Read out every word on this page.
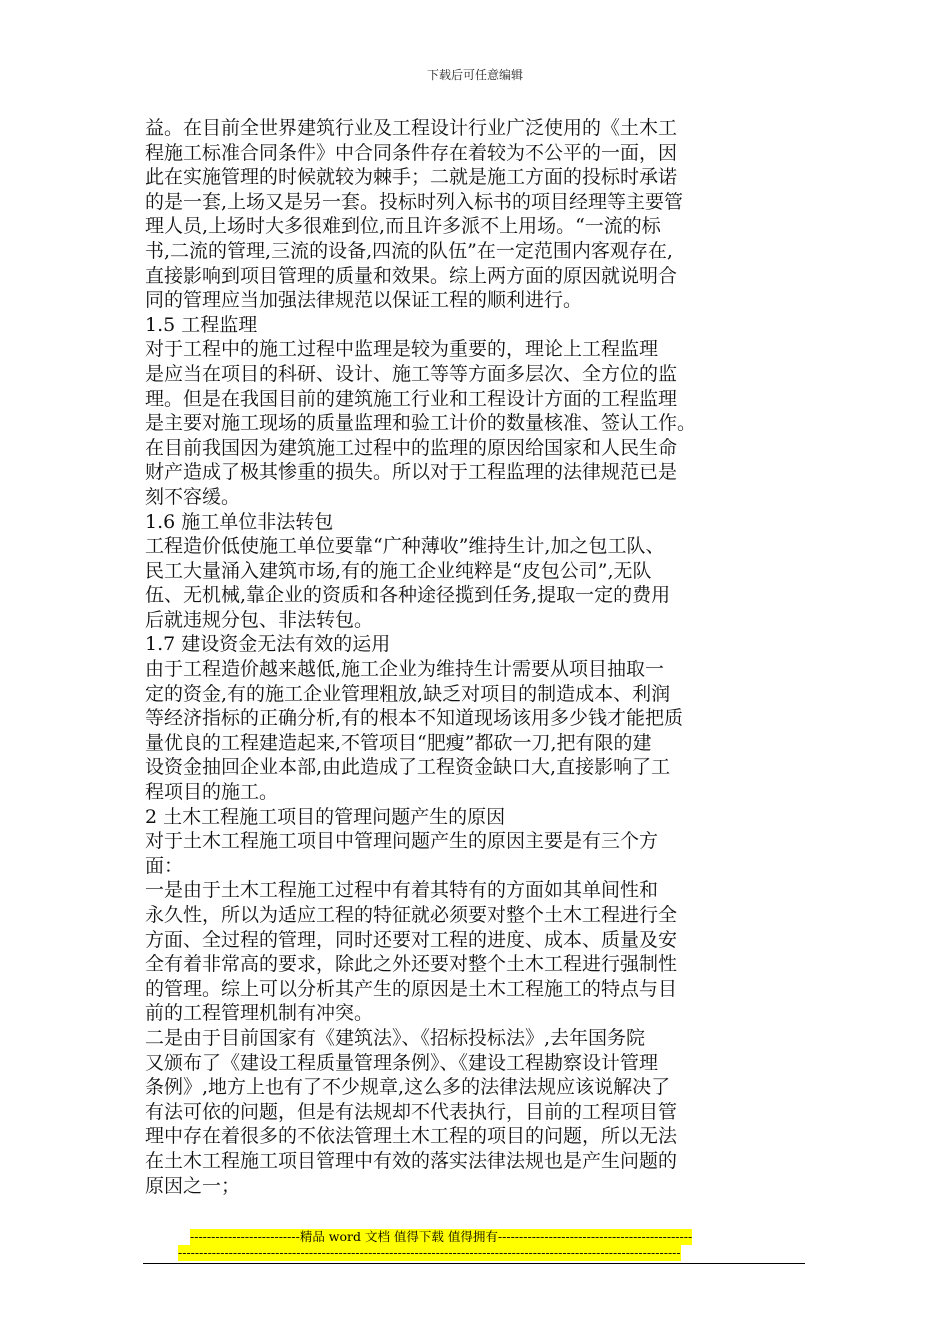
下载后可任意编辑
益。在目前全世界建筑行业及工程设计行业广泛使用的《土木工
程施工标准合同条件》中合同条件存在着较为不公平的一面，因
此在实施管理的时候就较为棘手；二就是施工方面的投标时承诺
的是一套,上场又是另一套。投标时列入标书的项目经理等主要管
理人员,上场时大多很难到位,而且许多派不上用场。“一流的标
书,二流的管理,三流的设备,四流的队伍”在一定范围内客观存在,
直接影响到项目管理的质量和效果。综上两方面的原因就说明合
同的管理应当加强法律规范以保证工程的顺利进行。
1.5 工程监理
对于工程中的施工过程中监理是较为重要的，理论上工程监理
是应当在项目的科研、设计、施工等等方面多层次、全方位的监
理。但是在我国目前的建筑施工行业和工程设计方面的工程监理
是主要对施工现场的质量监理和验工计价的数量核准、签认工作。
在目前我国因为建筑施工过程中的监理的原因给国家和人民生命
财产造成了极其惨重的损失。所以对于工程监理的法律规范已是
刻不容缓。
1.6 施工单位非法转包
工程造价低使施工单位要靠“广种薄收”维持生计,加之包工队、
民工大量涌入建筑市场,有的施工企业纯粹是“皮包公司”,无队
伍、无机械,靠企业的资质和各种途径揽到任务,提取一定的费用
后就违规分包、非法转包。
1.7 建设资金无法有效的运用
由于工程造价越来越低,施工企业为维持生计需要从项目抽取一
定的资金,有的施工企业管理粗放,缺乏对项目的制造成本、利润
等经济指标的正确分析,有的根本不知道现场该用多少钱才能把质
量优良的工程建造起来,不管项目“肥瘦”都砍一刀,把有限的建
设资金抽回企业本部,由此造成了工程资金缺口大,直接影响了工
程项目的施工。
2 土木工程施工项目的管理问题产生的原因
对于土木工程施工项目中管理问题产生的原因主要是有三个方
面：
一是由于土木工程施工过程中有着其特有的方面如其单间性和
永久性，所以为适应工程的特征就必须要对整个土木工程进行全
方面、全过程的管理，同时还要对工程的进度、成本、质量及安
全有着非常高的要求，除此之外还要对整个土木工程进行强制性
的管理。综上可以分析其产生的原因是土木工程施工的特点与目
前的工程管理机制有冲突。
二是由于目前国家有《建筑法》、《招标投标法》,去年国务院
又颁布了《建设工程质量管理条例》、《建设工程勘察设计管理
条例》,地方上也有了不少规章,这么多的法律法规应该说解决了
有法可依的问题，但是有法规却不代表执行，目前的工程项目管
理中存在着很多的不依法管理土木工程的项目的问题，所以无法
在土木工程施工项目管理中有效的落实法律法规也是产生问题的
原因之一；
--------------------------精品 word 文档 值得下载 值得拥有----------------------------------------------
-----------------------------------------------------------------------------------------------------------------------
